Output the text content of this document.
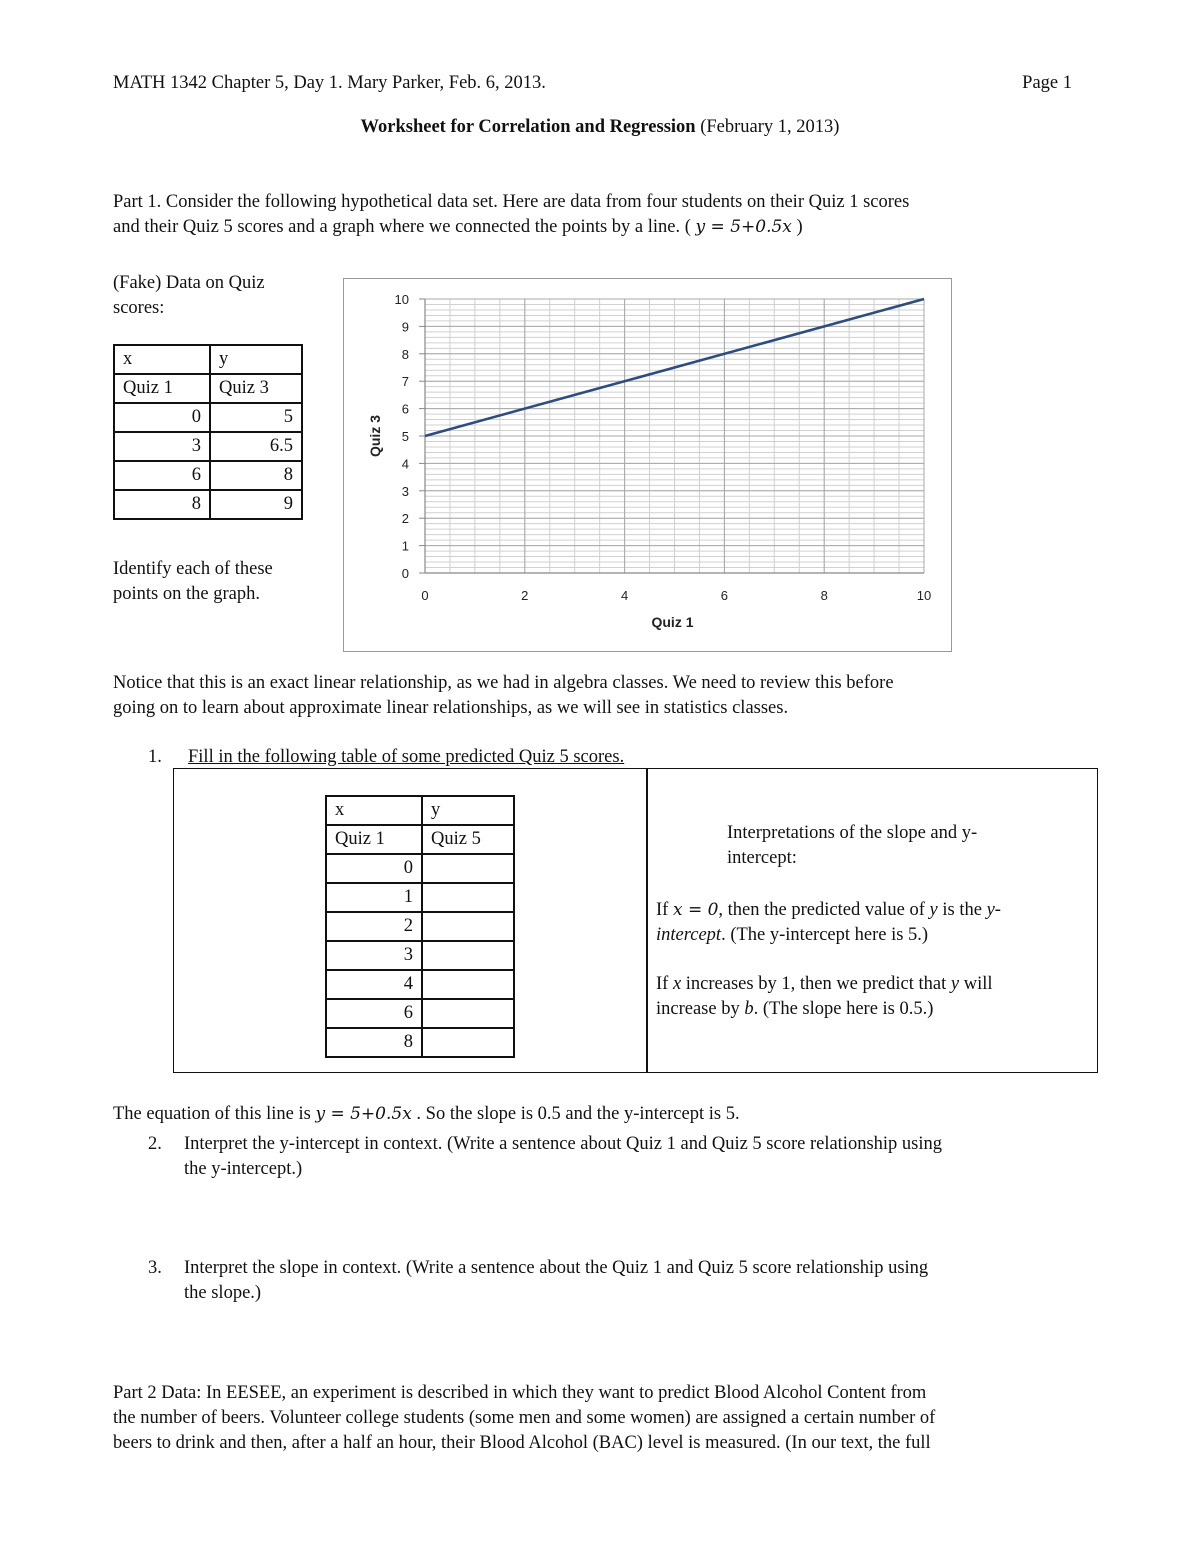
MATH 1342 Chapter 5, Day 1. Mary Parker, Feb. 6, 2013.	Page 1
Worksheet for Correlation and Regression (February 1, 2013)
Part 1. Consider the following hypothetical data set. Here are data from four students on their Quiz 1 scores
and their Quiz 5 scores and a graph where we connected the points by a line. ( y = 5+0.5x )
(Fake) Data on Quiz
scores:
x	y
Quiz 1	Quiz 3
0	5
3	6.5
6	8
8	9
Identify each of these
points on the graph.
0
1
2
3
4
5
6
7
8
9
10
0	2	4	6	8	10
Quiz 1
Quiz 3
Notice that this is an exact linear relationship, as we had in algebra classes. We need to review this before
going on to learn about approximate linear relationships, as we will see in statistics classes.
1. Fill in the following table of some predicted Quiz 5 scores.
x	y
Quiz 1	Quiz 5
0	
1	
2	
3	
4	
6	
8	
Interpretations of the slope and y-
intercept:
If x = 0, then the predicted value of y is the y-
intercept. (The y-intercept here is 5.)
If x increases by 1, then we predict that y will
increase by b. (The slope here is 0.5.)
The equation of this line is y = 5+0.5x . So the slope is 0.5 and the y-intercept is 5.
2. Interpret the y-intercept in context. (Write a sentence about Quiz 1 and Quiz 5 score relationship using
the y-intercept.)
3. Interpret the slope in context. (Write a sentence about the Quiz 1 and Quiz 5 score relationship using
the slope.)
Part 2 Data: In EESEE, an experiment is described in which they want to predict Blood Alcohol Content from
the number of beers. Volunteer college students (some men and some women) are assigned a certain number of
beers to drink and then, after a half an hour, their Blood Alcohol (BAC) level is measured. (In our text, the full
